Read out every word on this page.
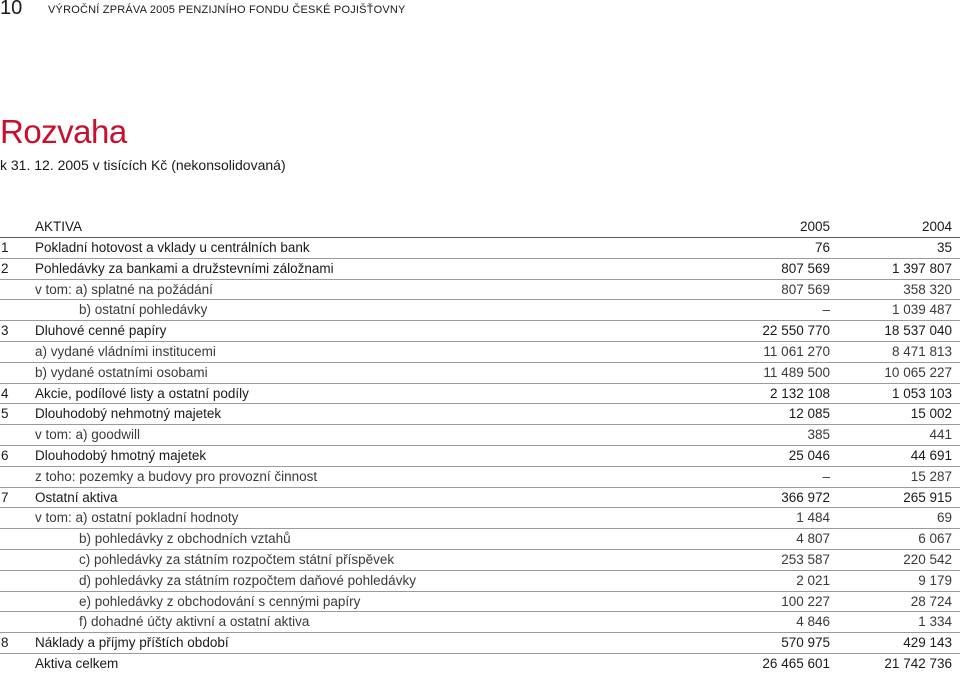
10 VÝROČNÍ ZPRÁVA 2005 PENZIJNÍHO FONDU ČESKÉ POJIŠŤOVNY
Rozvaha
k 31. 12. 2005 v tisících Kč (nekonsolidovaná)
AKTIVA	2005	2004
1 Pokladní hotovost a vklady u centrálních bank	76	35
2 Pohledávky za bankami a družstevními záložnami	807 569	1 397 807
v tom: a) splatné na požádání	807 569	358 320
b) ostatní pohledávky	–	1 039 487
3 Dluhové cenné papíry	22 550 770	18 537 040
a) vydané vládními institucemi	11 061 270	8 471 813
b) vydané ostatními osobami	11 489 500	10 065 227
4 Akcie, podílové listy a ostatní podíly	2 132 108	1 053 103
5 Dlouhodobý nehmotný majetek	12 085	15 002
v tom: a) goodwill	385	441
6 Dlouhodobý hmotný majetek	25 046	44 691
z toho: pozemky a budovy pro provozní činnost	–	15 287
7 Ostatní aktiva	366 972	265 915
v tom: a) ostatní pokladní hodnoty	1 484	69
b) pohledávky z obchodních vztahů	4 807	6 067
c) pohledávky za státním rozpočtem státní příspěvek	253 587	220 542
d) pohledávky za státním rozpočtem daňové pohledávky	2 021	9 179
e) pohledávky z obchodování s cennými papíry	100 227	28 724
f) dohadné účty aktivní a ostatní aktiva	4 846	1 334
8 Náklady a příjmy příštích období	570 975	429 143
Aktiva celkem	26 465 601	21 742 736
